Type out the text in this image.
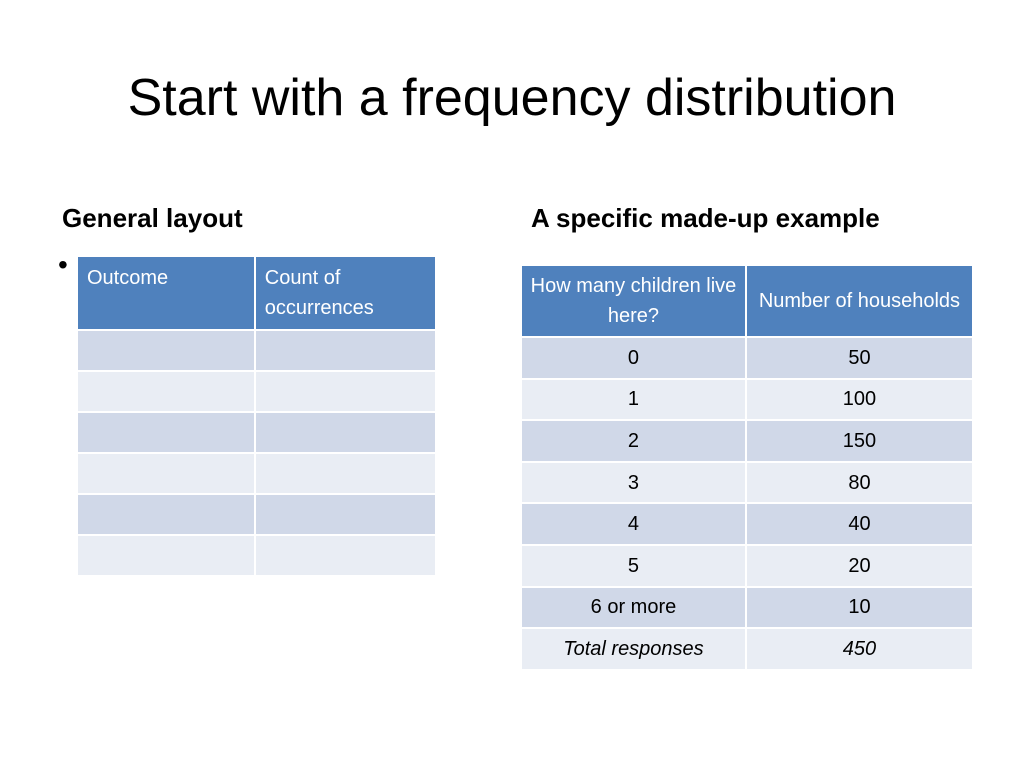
Start with a frequency distribution
General layout
•
A specific made-up example
Outcome	Count of occurrences

How many children live here?	Number of households
0	50
1	100
2	150
3	80
4	40
5	20
6 or more	10
Total responses	450
